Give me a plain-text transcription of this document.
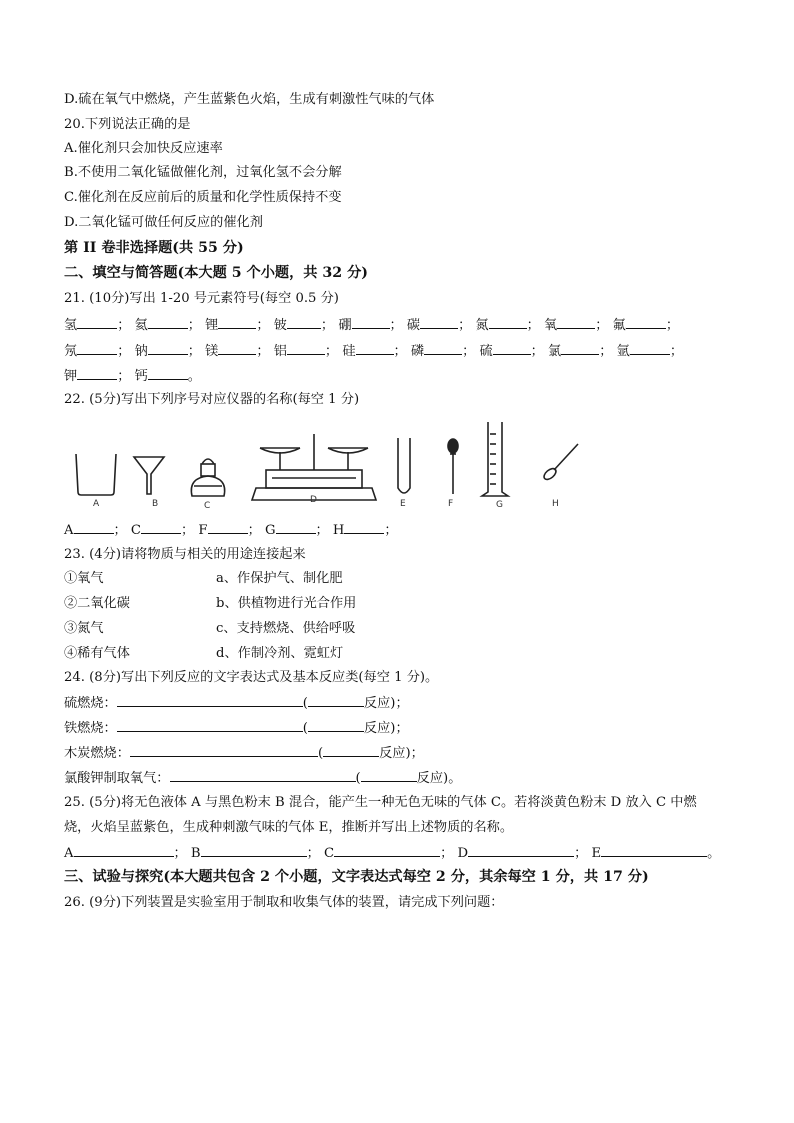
D.硫在氧气中燃烧，产生蓝紫色火焰，生成有刺激性气味的气体
20.下列说法正确的是
A.催化剂只会加快反应速率
B.不使用二氧化锰做催化剂，过氧化氢不会分解
C.催化剂在反应前后的质量和化学性质保持不变
D.二氧化锰可做任何反应的催化剂
第 II 卷非选择题(共 55 分)
二、填空与简答题(本大题 5 个小题，共 32 分)
21. (10分)写出 1-20 号元素符号(每空 0.5 分)
氢	； 氦	； 锂	； 铍	； 硼	； 碳	； 氮	； 氧	； 氟	；
氖	； 钠	； 镁	； 铝	； 硅	； 磷	； 硫	； 氯	； 氩	；
钾	； 钙	。
22. (5分)写出下列序号对应仪器的名称(每空 1 分)
A	B	C
D	E	F	G	H
A	； C	； F	； G	； H	；
23. (4分)请将物质与相关的用途连接起来
①氧气	a、作保护气、制化肥
②二氧化碳	b、供植物进行光合作用
③氮气	c、支持燃烧、供给呼吸
④稀有气体	d、作制冷剂、霓虹灯
24. (8分)写出下列反应的文字表达式及基本反应类(每空 1 分)。
硫燃烧：	(	反应)；
铁燃烧：	(	反应)；
木炭燃烧：	(	反应)；
氯酸钾制取氧气：	(	反应)。
25. (5分)将无色液体 A 与黑色粉末 B 混合，能产生一种无色无味的气体 C。若将淡黄色粉末 D 放入 C 中燃
烧，火焰呈蓝紫色，生成种刺激气味的气体 E，推断并写出上述物质的名称。
A	； B	； C	； D	； E	。
三、试验与探究(本大题共包含 2 个小题，文字表达式每空 2 分，其余每空 1 分，共 17 分)
26. (9分)下列装置是实验室用于制取和收集气体的装置，请完成下列问题：
